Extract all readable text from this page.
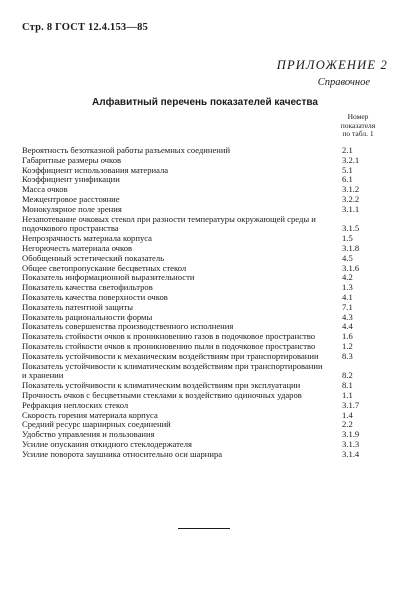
Стр. 8 ГОСТ 12.4.153—85
ПРИЛОЖЕНИЕ 2
Справочное
Алфавитный перечень показателей качества
Номер
показателя
по табл. 1
Вероятность безотказной работы разъемных соединений	2.1
Габаритные размеры очков	3.2.1
Коэффициент использования материала	5.1
Коэффициент унификации	6.1
Масса очков	3.1.2
Межцентровое расстояние	3.2.2
Монокулярное поле зрения	3.1.1
Незапотевание очковых стекол при разности температуры окружающей среды и подочкового пространства	3.1.5
Непрозрачность материала корпуса	1.5
Негорючесть материала очков	3.1.8
Обобщенный эстетический показатель	4.5
Общее светопропускание бесцветных стекол	3.1.6
Показатель информационной выразительности	4.2
Показатель качества светофильтров	1.3
Показатель качества поверхности очков	4.1
Показатель патентной защиты	7.1
Показатель рациональности формы	4.3
Показатель совершенства производственного исполнения	4.4
Показатель стойкости очков к проникновению газов в подочковое пространство	1.6
Показатель стойкости очков к проникновению пыли в подочковое пространство	1.2
Показатель устойчивости к механическим воздействиям при транспортировании	8.3
Показатель устойчивости к климатическим воздействиям при транспортировании и хранении	8.2
Показатель устойчивости к климатическим воздействиям при эксплуатации	8.1
Прочность очков с бесцветными стеклами к воздействию одиночных ударов	1.1
Рефракция неплоских стекол	3.1.7
Скорость горения материала корпуса	1.4
Средний ресурс шарнирных соединений	2.2
Удобство управления и пользования	3.1.9
Усилие опускания откидного стеклодержателя	3.1.3
Усилие поворота заушника относительно оси шарнира	3.1.4
